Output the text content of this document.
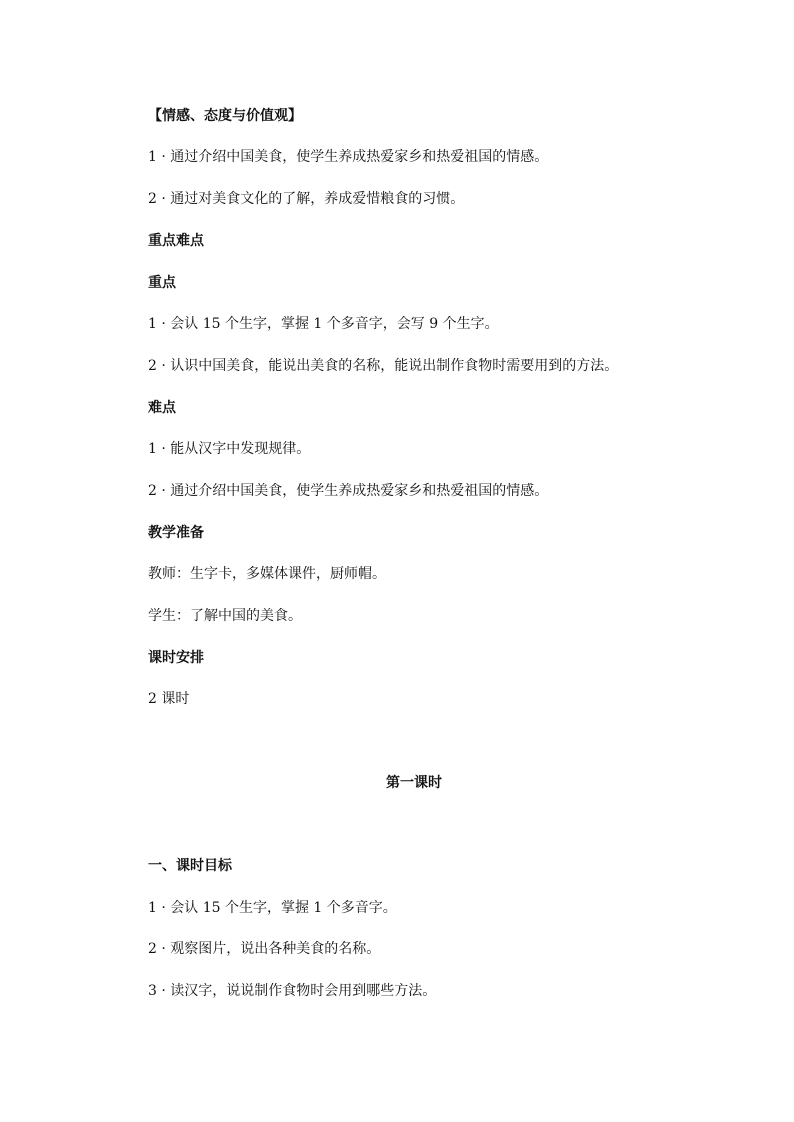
【情感、态度与价值观】
1 · 通过介绍中国美食，使学生养成热爱家乡和热爱祖国的情感。
2 · 通过对美食文化的了解，养成爱惜粮食的习惯。
重点难点
重点
1 · 会认 15 个生字，掌握 1 个多音字，会写 9 个生字。
2 · 认识中国美食，能说出美食的名称，能说出制作食物时需要用到的方法。
难点
1 · 能从汉字中发现规律。
2 · 通过介绍中国美食，使学生养成热爱家乡和热爱祖国的情感。
教学准备
教师：生字卡，多媒体课件，厨师帽。
学生：了解中国的美食。
课时安排
2 课时
第一课时
一、课时目标
1 · 会认 15 个生字，掌握 1 个多音字。
2 · 观察图片，说出各种美食的名称。
3 · 读汉字，说说制作食物时会用到哪些方法。
